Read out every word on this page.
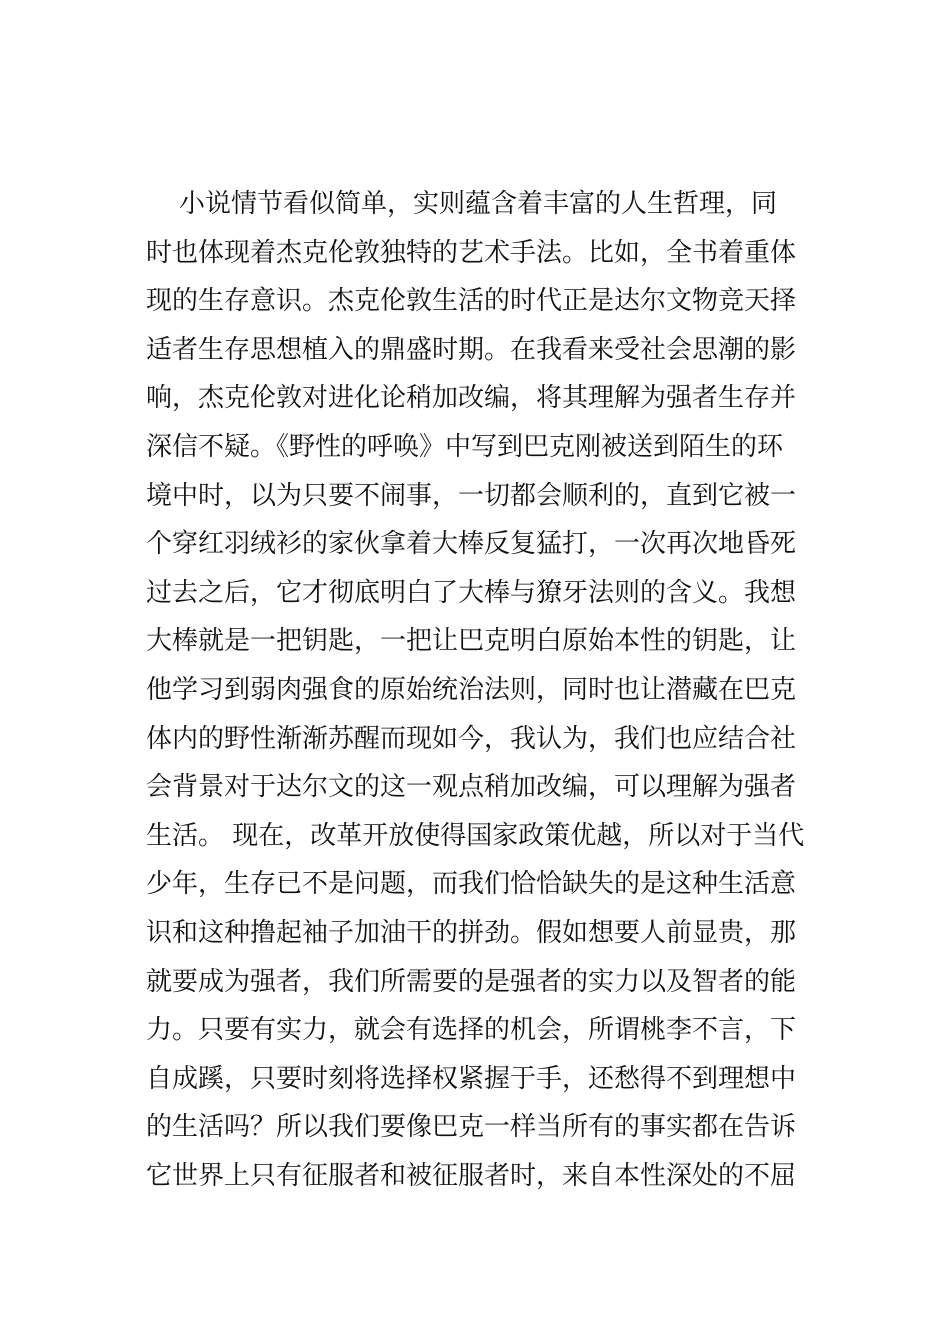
小说情节看似简单，实则蕴含着丰富的人生哲理，同
时也体现着杰克伦敦独特的艺术手法。比如，全书着重体
现的生存意识。杰克伦敦生活的时代正是达尔文物竞天择
适者生存思想植入的鼎盛时期。在我看来受社会思潮的影
响，杰克伦敦对进化论稍加改编，将其理解为强者生存并
深信不疑。《野性的呼唤》中写到巴克刚被送到陌生的环
境中时，以为只要不闹事，一切都会顺利的，直到它被一
个穿红羽绒衫的家伙拿着大棒反复猛打，一次再次地昏死
过去之后，它才彻底明白了大棒与獠牙法则的含义。我想
大棒就是一把钥匙，一把让巴克明白原始本性的钥匙，让
他学习到弱肉强食的原始统治法则，同时也让潜藏在巴克
体内的野性渐渐苏醒而现如今，我认为，我们也应结合社
会背景对于达尔文的这一观点稍加改编，可以理解为强者
生活。 现在，改革开放使得国家政策优越，所以对于当代
少年，生存已不是问题，而我们恰恰缺失的是这种生活意
识和这种撸起袖子加油干的拼劲。假如想要人前显贵，那
就要成为强者，我们所需要的是强者的实力以及智者的能
力。只要有实力，就会有选择的机会，所谓桃李不言，下
自成蹊，只要时刻将选择权紧握于手，还愁得不到理想中
的生活吗？所以我们要像巴克一样当所有的事实都在告诉
它世界上只有征服者和被征服者时，来自本性深处的不屈
